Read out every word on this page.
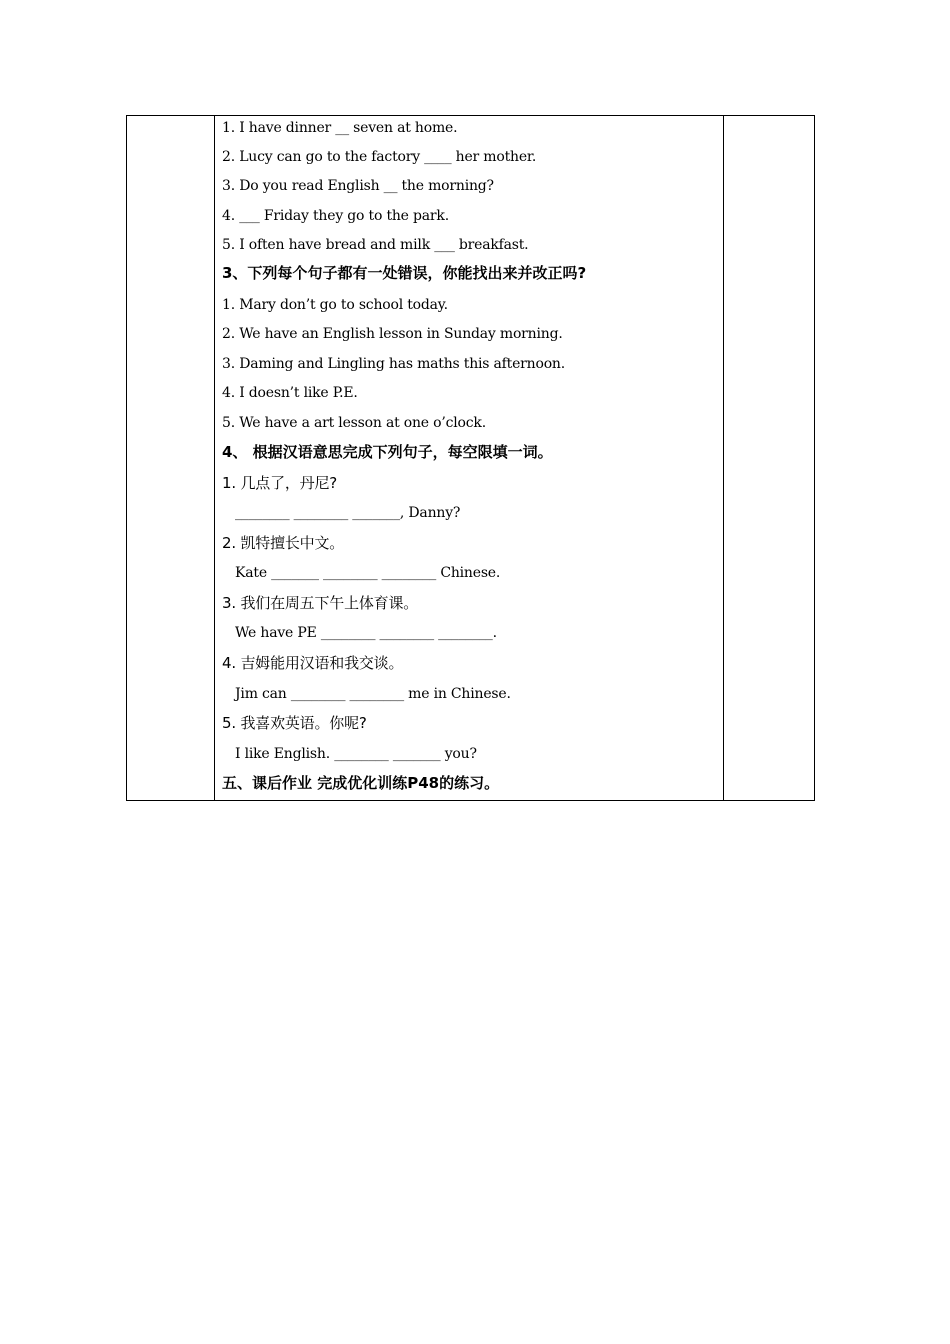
1. I have dinner __ seven at home.
2. Lucy can go to the factory ____ her mother.
3. Do you read English __ the morning?
4. ___ Friday they go to the park.
5. I often have bread and milk ___ breakfast.
3、下列每个句子都有一处错误，你能找出来并改正吗?
1. Mary don’t go to school today.
2. We have an English lesson in Sunday morning.
3. Daming and Lingling has maths this afternoon.
4. I doesn’t like P.E.
5. We have a art lesson at one o’clock.
4、 根据汉语意思完成下列句子，每空限填一词。
1. 几点了，丹尼?
________ ________ _______, Danny?
2. 凯特擅长中文。
Kate _______ ________ ________ Chinese.
3. 我们在周五下午上体育课。
We have PE ________ ________ ________.
4. 吉姆能用汉语和我交谈。
Jim can ________ ________ me in Chinese.
5. 我喜欢英语。你呢?
I like English. ________ _______ you?
五、课后作业 完成优化训练P48的练习。
